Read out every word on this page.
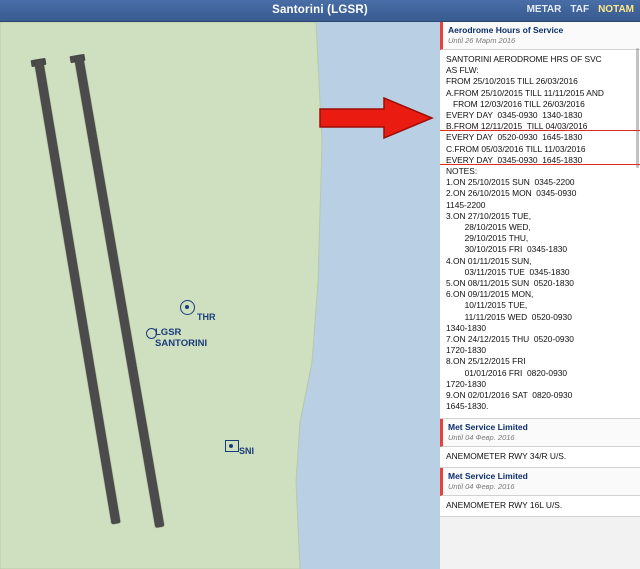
Santorini (LGSR)	METAR TAF NOTAM
THR
LGSR
SANTORINI
SNI
Aerodrome Hours of Service
Until 26 Март 2016
SANTORINI AERODROME HRS OF SVC
AS FLW:
FROM 25/10/2015 TILL 26/03/2016
A.FROM 25/10/2015 TILL 11/11/2015 AND
FROM 12/03/2016 TILL 26/03/2016
EVERY DAY  0345-0930  1340-1830
B.FROM 12/11/2015  TILL 04/03/2016
EVERY DAY  0520-0930  1645-1830
C.FROM 05/03/2016 TILL 11/03/2016
EVERY DAY  0345-0930  1645-1830
NOTES:
1.ON 25/10/2015 SUN  0345-2200
2.ON 26/10/2015 MON  0345-0930
1145-2200
3.ON 27/10/2015 TUE,
28/10/2015 WED,
29/10/2015 THU,
30/10/2015 FRI  0345-1830
4.ON 01/11/2015 SUN,
03/11/2015 TUE  0345-1830
5.ON 08/11/2015 SUN  0520-1830
6.ON 09/11/2015 MON,
10/11/2015 TUE,
11/11/2015 WED  0520-0930
1340-1830
7.ON 24/12/2015 THU  0520-0930
1720-1830
8.ON 25/12/2015 FRI
01/01/2016 FRI  0820-0930
1720-1830
9.ON 02/01/2016 SAT  0820-0930
1645-1830.
Met Service Limited
Until 04 Февр. 2016
ANEMOMETER RWY 34/R U/S.
Met Service Limited
Until 04 Февр. 2016
ANEMOMETER RWY 16L U/S.
